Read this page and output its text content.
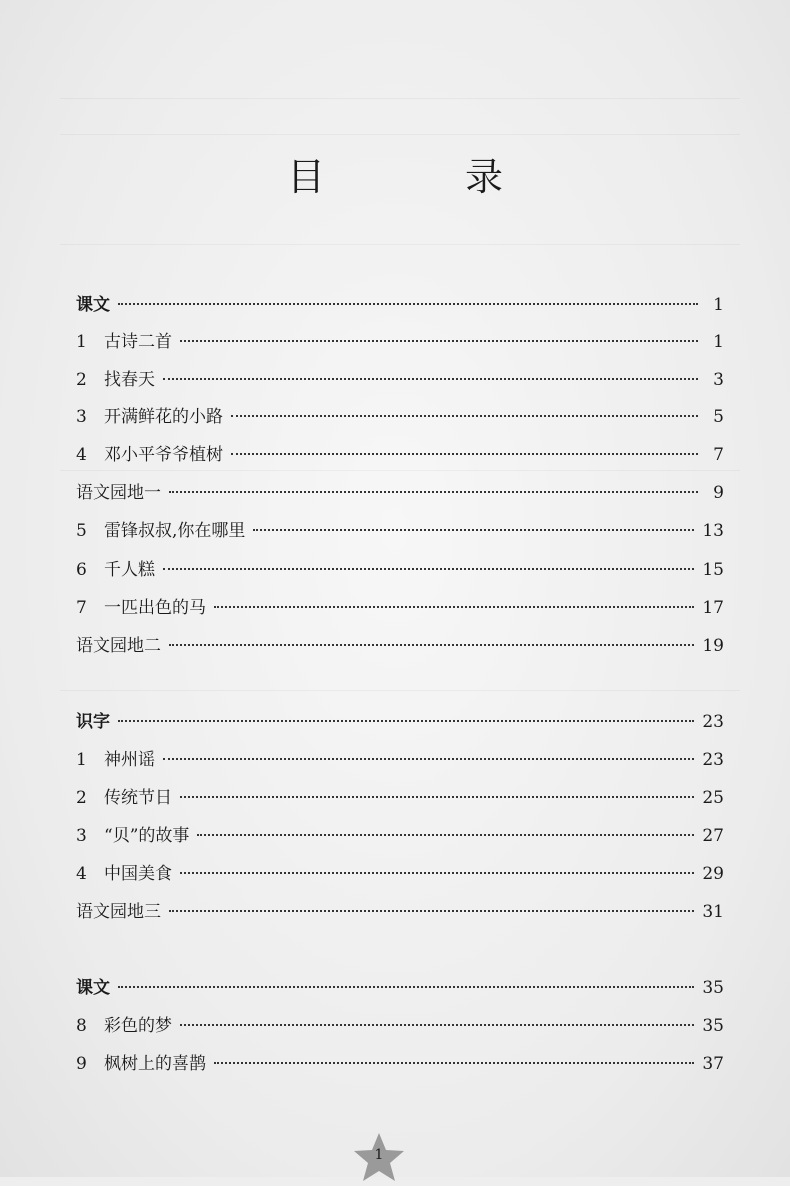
目 录
课文	1
1	古诗二首	1
2	找春天	3
3	开满鲜花的小路	5
4	邓小平爷爷植树	7
语文园地一	9
5	雷锋叔叔,你在哪里	13
6	千人糕	15
7	一匹出色的马	17
语文园地二	19
识字	23
1	神州谣	23
2	传统节日	25
3	“贝”的故事	27
4	中国美食	29
语文园地三	31
课文	35
8	彩色的梦	35
9	枫树上的喜鹊	37
1
